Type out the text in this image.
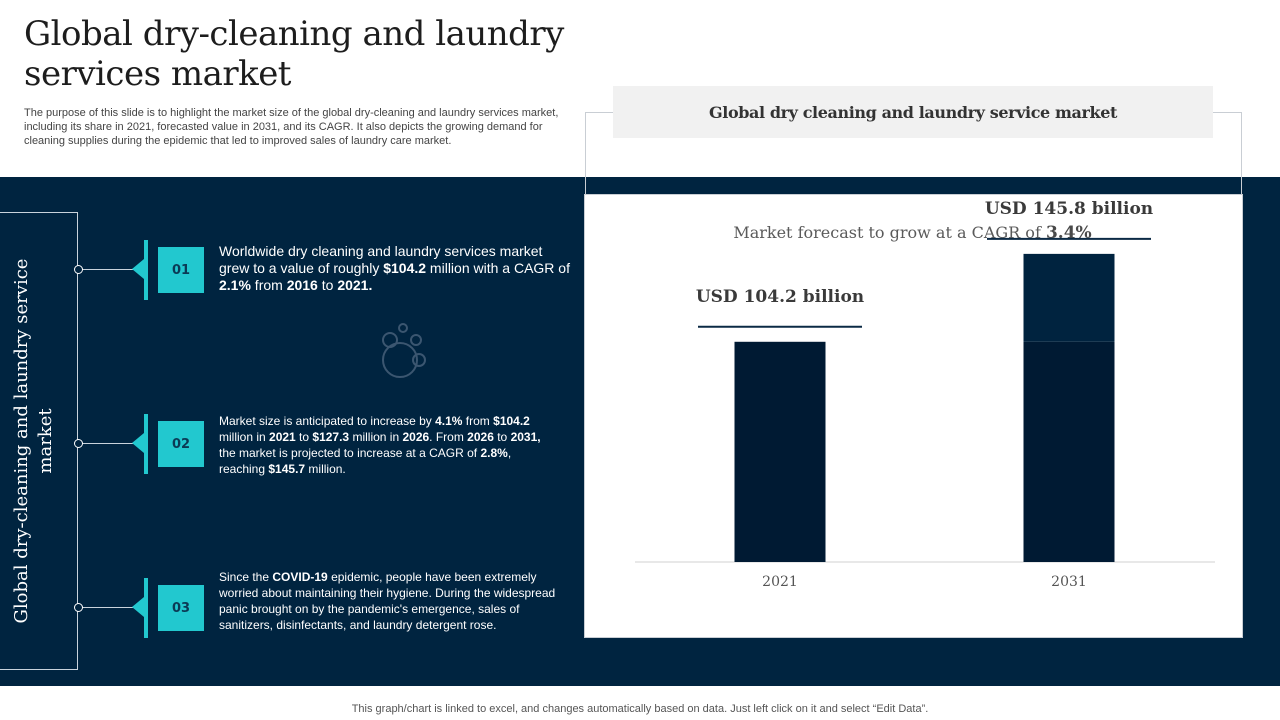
Global dry-cleaning and laundry services market
The purpose of this slide is to highlight the market size of the global dry-cleaning and laundry services market, including its share in 2021, forecasted value in 2031, and its CAGR. It also depicts the growing demand for cleaning supplies during the epidemic that led to improved sales of laundry care market.
Global dry-cleaning and laundry service market
01
Worldwide dry cleaning and laundry services market grew to a value of roughly $104.2 million with a CAGR of 2.1% from 2016 to 2021.
02
Market size is anticipated to increase by 4.1% from $104.2 million in 2021 to $127.3 million in 2026. From 2026 to 2031, the market is projected to increase at a CAGR of 2.8%, reaching $145.7 million.
03
Since the COVID-19 epidemic, people have been extremely worried about maintaining their hygiene. During the widespread panic brought on by the pandemic's emergence, sales of sanitizers, disinfectants, and laundry detergent rose.
Global dry cleaning and laundry service market
Market forecast to grow at a CAGR of 3.4%
USD 104.2 billion
2021
USD 145.8 billion
2031
This graph/chart is linked to excel, and changes automatically based on data. Just left click on it and select “Edit Data”.
